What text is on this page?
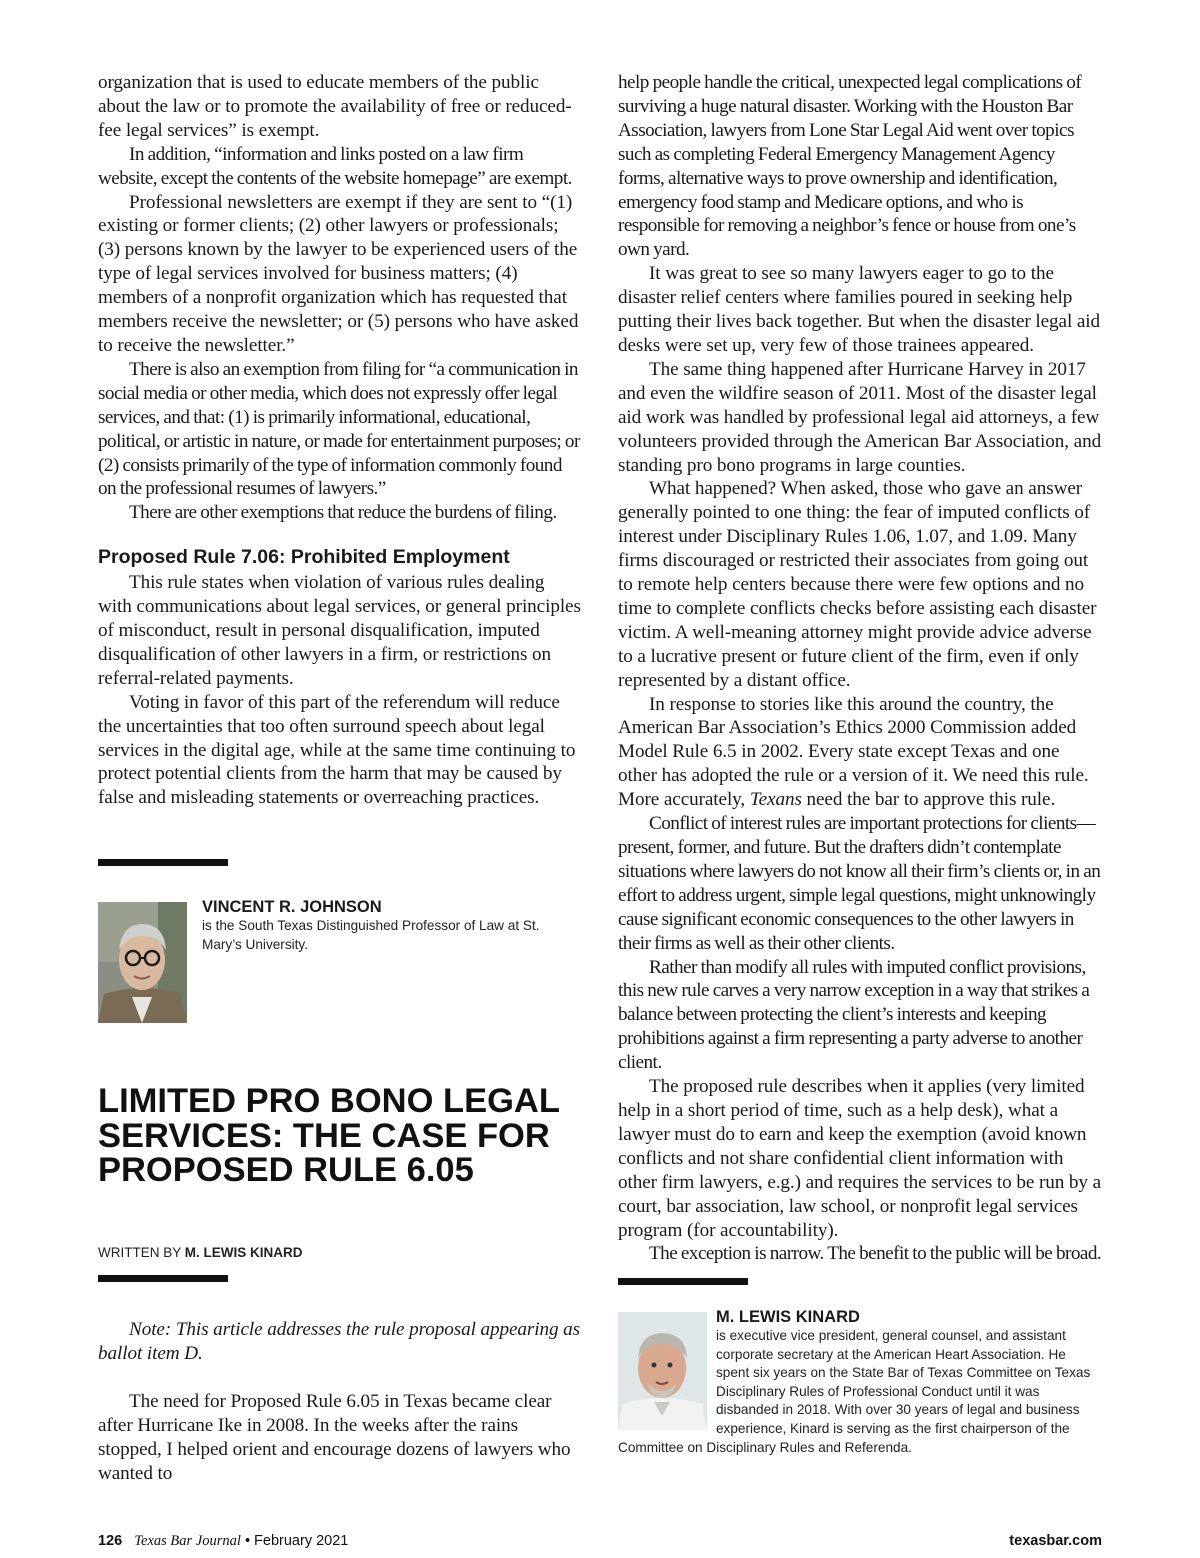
organization that is used to educate members of the public about the law or to promote the availability of free or reduced-fee legal services” is exempt.

In addition, “information and links posted on a law firm website, except the contents of the website homepage” are exempt.

Professional newsletters are exempt if they are sent to “(1) existing or former clients; (2) other lawyers or professionals; (3) persons known by the lawyer to be experienced users of the type of legal services involved for business matters; (4) members of a nonprofit organization which has requested that members receive the newsletter; or (5) persons who have asked to receive the newsletter.”

There is also an exemption from filing for “a communication in social media or other media, which does not expressly offer legal services, and that: (1) is primarily informational, educational, political, or artistic in nature, or made for entertainment purposes; or (2) consists primarily of the type of information commonly found on the professional resumes of lawyers.”

There are other exemptions that reduce the burdens of filing.

Proposed Rule 7.06: Prohibited Employment

This rule states when violation of various rules dealing with communications about legal services, or general principles of misconduct, result in personal disqualification, imputed disqualification of other lawyers in a firm, or restrictions on referral-related payments.

Voting in favor of this part of the referendum will reduce the uncertainties that too often surround speech about legal services in the digital age, while at the same time continuing to protect potential clients from the harm that may be caused by false and misleading statements or overreaching practices.

VINCENT R. JOHNSON

is the South Texas Distinguished Professor of Law at St. Mary’s University.

LIMITED PRO BONO LEGAL SERVICES: THE CASE FOR PROPOSED RULE 6.05
WRITTEN BY M. LEWIS KINARD

Note: This article addresses the rule proposal appearing as ballot item D.

The need for Proposed Rule 6.05 in Texas became clear after Hurricane Ike in 2008. In the weeks after the rains stopped, I helped orient and encourage dozens of lawyers who wanted to

help people handle the critical, unexpected legal complications of surviving a huge natural disaster. Working with the Houston Bar Association, lawyers from Lone Star Legal Aid went over topics such as completing Federal Emergency Management Agency forms, alternative ways to prove ownership and identification, emergency food stamp and Medicare options, and who is responsible for removing a neighbor’s fence or house from one’s own yard.

It was great to see so many lawyers eager to go to the disaster relief centers where families poured in seeking help putting their lives back together. But when the disaster legal aid desks were set up, very few of those trainees appeared.

The same thing happened after Hurricane Harvey in 2017 and even the wildfire season of 2011. Most of the disaster legal aid work was handled by professional legal aid attorneys, a few volunteers provided through the American Bar Association, and standing pro bono programs in large counties.

What happened? When asked, those who gave an answer generally pointed to one thing: the fear of imputed conflicts of interest under Disciplinary Rules 1.06, 1.07, and 1.09. Many firms discouraged or restricted their associates from going out to remote help centers because there were few options and no time to complete conflicts checks before assisting each disaster victim. A well-meaning attorney might provide advice adverse to a lucrative present or future client of the firm, even if only represented by a distant office.

In response to stories like this around the country, the American Bar Association’s Ethics 2000 Commission added Model Rule 6.5 in 2002. Every state except Texas and one other has adopted the rule or a version of it. We need this rule. More accurately, Texans need the bar to approve this rule.

Conflict of interest rules are important protections for clients—present, former, and future. But the drafters didn’t contemplate situations where lawyers do not know all their firm’s clients or, in an effort to address urgent, simple legal questions, might unknowingly cause significant economic consequences to the other lawyers in their firms as well as their other clients.

Rather than modify all rules with imputed conflict provisions, this new rule carves a very narrow exception in a way that strikes a balance between protecting the client’s interests and keeping prohibitions against a firm representing a party adverse to another client.

The proposed rule describes when it applies (very limited help in a short period of time, such as a help desk), what a lawyer must do to earn and keep the exemption (avoid known conflicts and not share confidential client information with other firm lawyers, e.g.) and requires the services to be run by a court, bar association, law school, or nonprofit legal services program (for accountability).

The exception is narrow. The benefit to the public will be broad.

M. LEWIS KINARD

is executive vice president, general counsel, and assistant corporate secretary at the American Heart Association. He spent six years on the State Bar of Texas Committee on Texas Disciplinary Rules of Professional Conduct until it was disbanded in 2018. With over 30 years of legal and business experience, Kinard is serving as the first chairperson of the Committee on Disciplinary Rules and Referenda.

126 Texas Bar Journal • February 2021	texasbar.com
